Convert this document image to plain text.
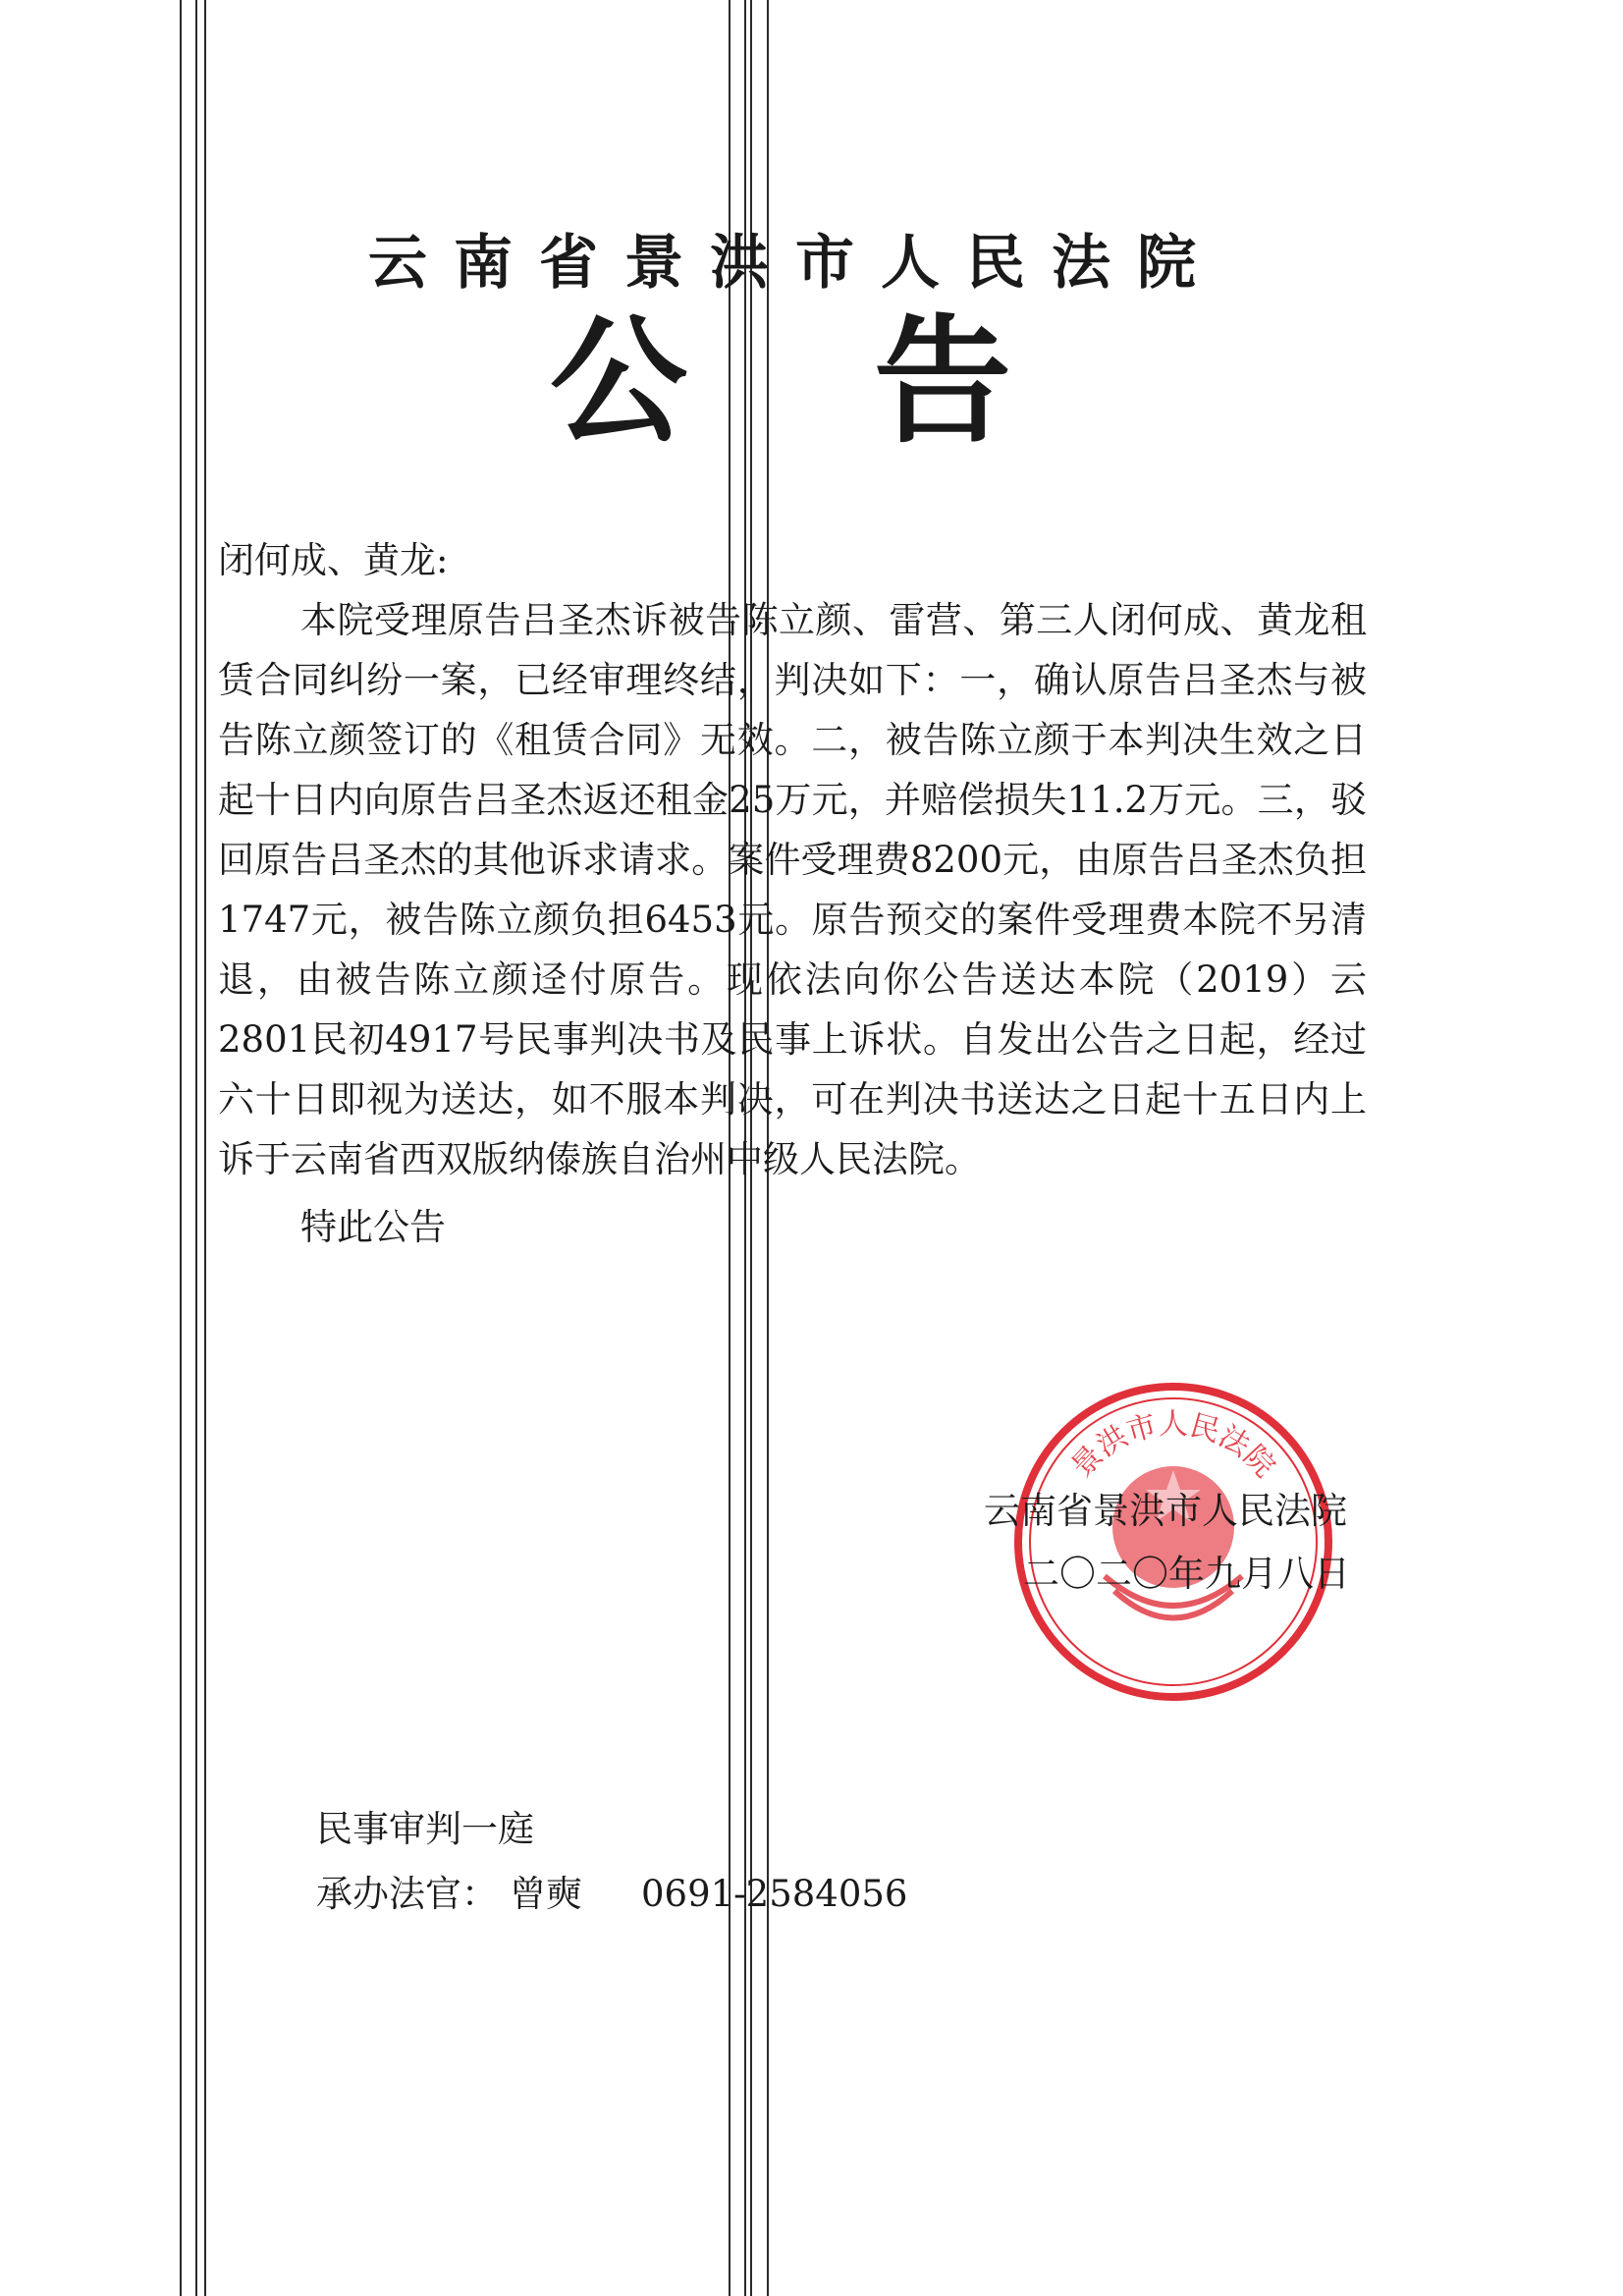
云南省景洪市人民法院
公 告

闭何成、黄龙:

本院受理原告吕圣杰诉被告陈立颜、雷营、第三人闭何成、黄龙租赁合同纠纷一案，已经审理终结，判决如下：一，确认原告吕圣杰与被告陈立颜签订的《租赁合同》无效。二，被告陈立颜于本判决生效之日起十日内向原告吕圣杰返还租金25万元，并赔偿损失11.2万元。三，驳回原告吕圣杰的其他诉求请求。案件受理费8200元，由原告吕圣杰负担1747元，被告陈立颜负担6453元。原告预交的案件受理费本院不另清退，由被告陈立颜迳付原告。现依法向你公告送达本院（2019）云2801民初4917号民事判决书及民事上诉状。自发出公告之日起，经过六十日即视为送达，如不服本判决，可在判决书送达之日起十五日内上诉于云南省西双版纳傣族自治州中级人民法院。

特此公告

景洪市人民法院
云南省景洪市人民法院
二〇二〇年九月八日
民事审判一庭
承办法官： 曾奭 0691-2584056
